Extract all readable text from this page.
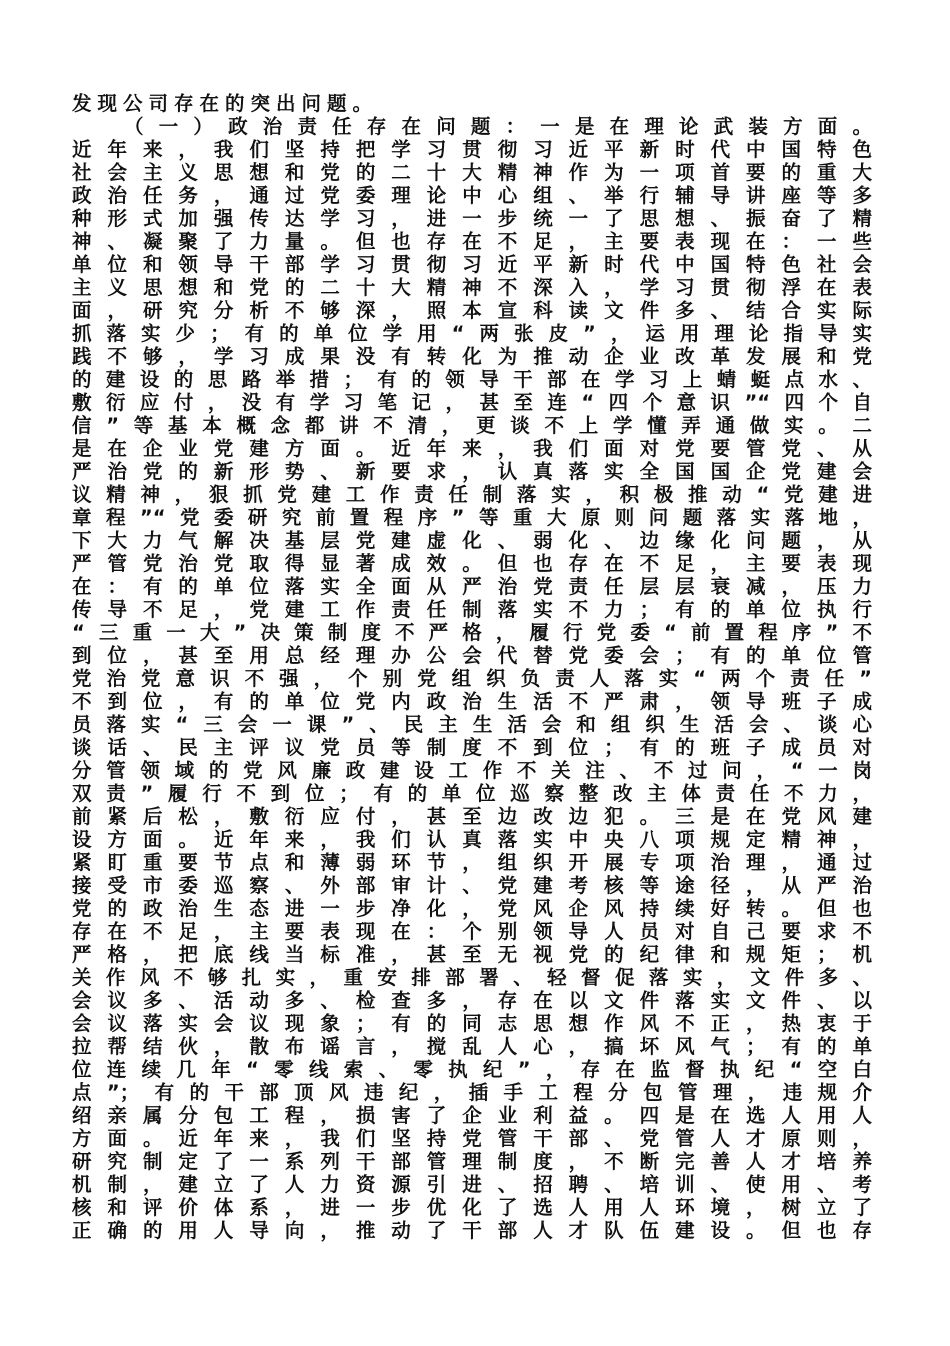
发现公司存在的突出问题。
（一）政治责任存在问题：一是在理论武装方面。
近年来，我们坚持把学习贯彻习近平新时代中国特色
社会主义思想和党的二十大精神作为一项首要的重大
政治任务，通过党委理论中心组、举行辅导讲座等多
种形式加强传达学习，进一步统一了思想、振奋了精
神、凝聚了力量。但也存在不足，主要表现在：一些
单位和领导干部学习贯彻习近平新时代中国特色社会
主义思想和党的二十大精神不深入，学习贯彻浮在表
面，研究分析不够深，照本宣科读文件多、结合实际
抓落实少；有的单位学用“两张皮”，运用理论指导实
践不够，学习成果没有转化为推动企业改革发展和党
的建设的思路举措；有的领导干部在学习上蜻蜓点水、
敷衍应付，没有学习笔记，甚至连“四个意识”“四个自
信”等基本概念都讲不清，更谈不上学懂弄通做实。二
是在企业党建方面。近年来，我们面对党要管党、从
严治党的新形势、新要求，认真落实全国国企党建会
议精神，狠抓党建工作责任制落实，积极推动“党建进
章程”“党委研究前置程序”等重大原则问题落实落地，
下大力气解决基层党建虚化、弱化、边缘化问题，从
严管党治党取得显著成效。但也存在不足，主要表现
在：有的单位落实全面从严治党责任层层衰减，压力
传导不足，党建工作责任制落实不力；有的单位执行
“三重一大”决策制度不严格，履行党委“前置程序”不
到位，甚至用总经理办公会代替党委会；有的单位管
党治党意识不强，个别党组织负责人落实“两个责任”
不到位，有的单位党内政治生活不严肃，领导班子成
员落实“三会一课”、民主生活会和组织生活会、谈心
谈话、民主评议党员等制度不到位；有的班子成员对
分管领域的党风廉政建设工作不关注、不过问，“一岗
双责”履行不到位；有的单位巡察整改主体责任不力，
前紧后松，敷衍应付，甚至边改边犯。三是在党风建
设方面。近年来，我们认真落实中央八项规定精神，
紧盯重要节点和薄弱环节，组织开展专项治理，通过
接受市委巡察、外部审计、党建考核等途径，从严治
党的政治生态进一步净化，党风企风持续好转。但也
存在不足，主要表现在：个别领导人员对自己要求不
严格，把底线当标准，甚至无视党的纪律和规矩；机
关作风不够扎实，重安排部署、轻督促落实，文件多、
会议多、活动多、检查多，存在以文件落实文件、以
会议落实会议现象；有的同志思想作风不正，热衷于
拉帮结伙，散布谣言，搅乱人心，搞坏风气；有的单
位连续几年“零线索、零执纪”，存在监督执纪“空白
点”；有的干部顶风违纪，插手工程分包管理，违规介
绍亲属分包工程，损害了企业利益。四是在选人用人
方面。近年来，我们坚持党管干部、党管人才原则，
研究制定了一系列干部管理制度，不断完善人才培养
机制，建立了人力资源引进、招聘、培训、使用、考
核和评价体系，进一步优化了选人用人环境，树立了
正确的用人导向，推动了干部人才队伍建设。但也存
